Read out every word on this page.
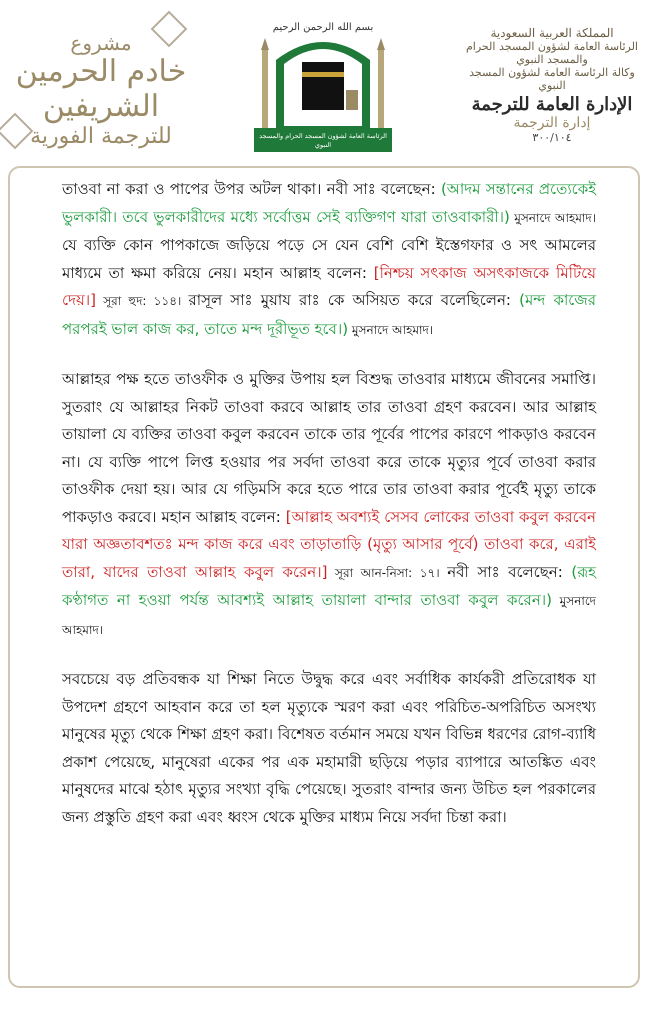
مشروع
خادم الحرمين الشريفين
للترجمة الفورية
بسم الله الرحمن الرحيم
الرئاسة العامة لشؤون المسجد الحرام والمسجد النبوي
المملكة العربية السعودية
الرئاسة العامة لشؤون المسجد الحرام والمسجد النبوي
وكالة الرئاسة العامة لشؤون المسجد النبوي
الإدارة العامة للترجمة
إدارة الترجمة
٣٠٠/١٠٤

তাওবা না করা ও পাপের উপর অটল থাকা। নবী সাঃ বলেছেন: (আদম সন্তানের প্রত্যেকেই ভুলকারী। তবে ভুলকারীদের মধ্যে সর্বোত্তম সেই ব্যক্তিগণ যারা তাওবাকারী।) মুসনাদে আহমাদ। যে ব্যক্তি কোন পাপকাজে জড়িয়ে পড়ে সে যেন বেশি বেশি ইস্তেগফার ও সৎ আমলের মাধ্যমে তা ক্ষমা করিয়ে নেয়। মহান আল্লাহ বলেন: [নিশ্চয় সৎকাজ অসৎকাজকে মিটিয়ে দেয়।] সূরা হুদ: ১১৪। রাসূল সাঃ মুয়ায রাঃ কে অসিয়ত করে বলেছিলেন: (মন্দ কাজের পরপরই ভাল কাজ কর, তাতে মন্দ দূরীভূত হবে।) মুসনাদে আহমাদ।

আল্লাহর পক্ষ হতে তাওফীক ও মুক্তির উপায় হল বিশুদ্ধ তাওবার মাধ্যমে জীবনের সমাপ্তি। সুতরাং যে আল্লাহর নিকট তাওবা করবে আল্লাহ তার তাওবা গ্রহণ করবেন। আর আল্লাহ তায়ালা যে ব্যক্তির তাওবা কবুল করবেন তাকে তার পূর্বের পাপের কারণে পাকড়াও করবেন না। যে ব্যক্তি পাপে লিপ্ত হওয়ার পর সর্বদা তাওবা করে তাকে মৃত্যুর পূর্বে তাওবা করার তাওফীক দেয়া হয়। আর যে গড়িমসি করে হতে পারে তার তাওবা করার পূর্বেই মৃত্যু তাকে পাকড়াও করবে। মহান আল্লাহ বলেন: [আল্লাহ অবশ্যই সেসব লোকের তাওবা কবুল করবেন যারা অজ্ঞতাবশতঃ মন্দ কাজ করে এবং তাড়াতাড়ি (মৃত্যু আসার পূর্বে) তাওবা করে, এরাই তারা, যাদের তাওবা আল্লাহ কবুল করেন।] সূরা আন-নিসা: ১৭। নবী সাঃ বলেছেন: (রূহ কণ্ঠাগত না হওয়া পর্যন্ত আবশ্যই আল্লাহ তায়ালা বান্দার তাওবা কবুল করেন।) মুসনাদে আহমাদ।

সবচেয়ে বড় প্রতিবন্ধক যা শিক্ষা নিতে উদ্বুদ্ধ করে এবং সর্বাধিক কার্যকরী প্রতিরোধক যা উপদেশ গ্রহণে আহবান করে তা হল মৃত্যুকে স্মরণ করা এবং পরিচিত-অপরিচিত অসংখ্য মানুষের মৃত্যু থেকে শিক্ষা গ্রহণ করা। বিশেষত বর্তমান সময়ে যখন বিভিন্ন ধরণের রোগ-ব্যাধি প্রকাশ পেয়েছে, মানুষেরা একের পর এক মহামারী ছড়িয়ে পড়ার ব্যাপারে আতঙ্কিত এবং মানুষদের মাঝে হঠাৎ মৃত্যুর সংখ্যা বৃদ্ধি পেয়েছে। সুতরাং বান্দার জন্য উচিত হল পরকালের জন্য প্রস্তুতি গ্রহণ করা এবং ধ্বংস থেকে মুক্তির মাধ্যম নিয়ে সর্বদা চিন্তা করা।
